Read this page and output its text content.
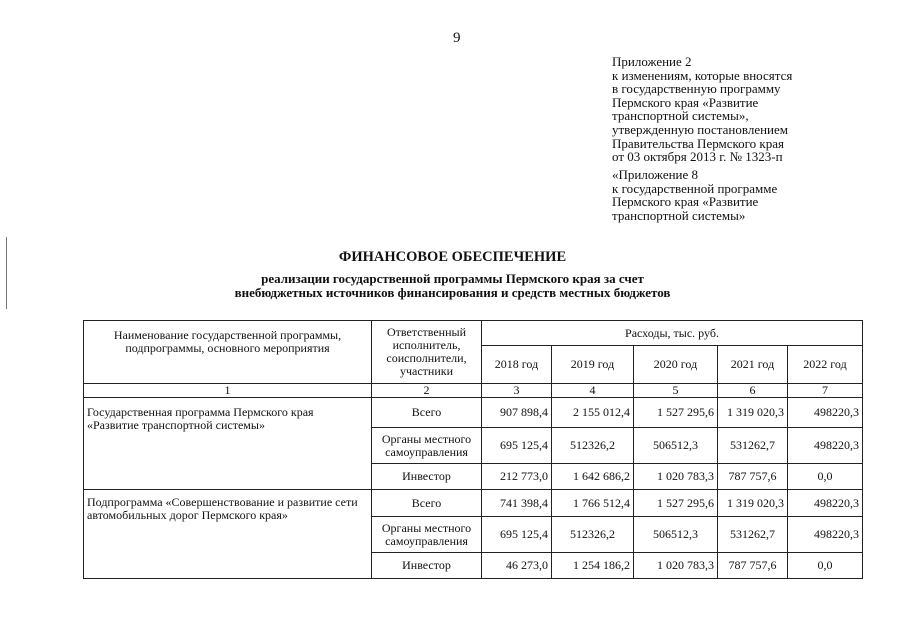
9
Приложение 2
к изменениям, которые вносятся
в государственную программу
Пермского края «Развитие
транспортной системы»,
утвержденную постановлением
Правительства Пермского края
от 03 октября 2013 г. № 1323-п
«Приложение 8
к государственной программе
Пермского края «Развитие
транспортной системы»
ФИНАНСОВОЕ ОБЕСПЕЧЕНИЕ
реализации государственной программы Пермского края за счет
внебюджетных источников финансирования и средств местных бюджетов
Наименование государственной программы, подпрограммы, основного мероприятия	Ответственный исполнитель, соисполнители, участники	Расходы, тыс. руб.				
		2018 год	2019 год	2020 год	2021 год	2022 год
1	2	3	4	5	6	7
Государственная программа Пермского края «Развитие транспортной системы»	Всего	907 898,4	2 155 012,4	1 527 295,6	1 319 020,3	498220,3
	Органы местного самоуправления	695 125,4	512326,2	506512,3	531262,7	498220,3
	Инвестор	212 773,0	1 642 686,2	1 020 783,3	787 757,6	0,0
Подпрограмма «Совершенствование и развитие сети автомобильных дорог Пермского края»	Всего	741 398,4	1 766 512,4	1 527 295,6	1 319 020,3	498220,3
	Органы местного самоуправления	695 125,4	512326,2	506512,3	531262,7	498220,3
	Инвестор	46 273,0	1 254 186,2	1 020 783,3	787 757,6	0,0
